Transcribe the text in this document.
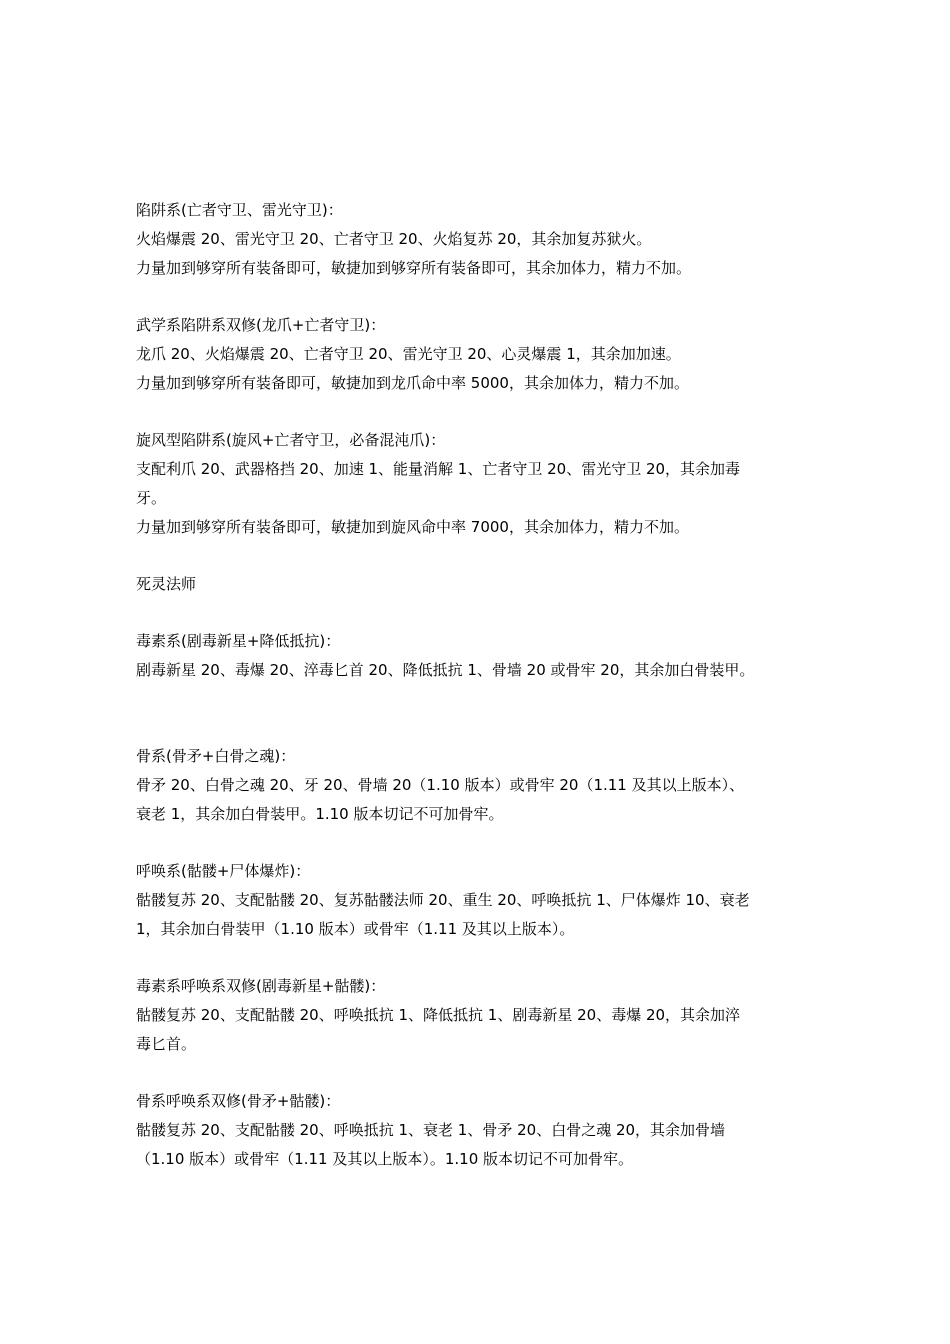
陷阱系(亡者守卫、雷光守卫)：
火焰爆震 20、雷光守卫 20、亡者守卫 20、火焰复苏 20，其余加复苏狱火。
力量加到够穿所有装备即可，敏捷加到够穿所有装备即可，其余加体力，精力不加。
武学系陷阱系双修(龙爪+亡者守卫)：
龙爪 20、火焰爆震 20、亡者守卫 20、雷光守卫 20、心灵爆震 1，其余加加速。
力量加到够穿所有装备即可，敏捷加到龙爪命中率 5000，其余加体力，精力不加。
旋风型陷阱系(旋风+亡者守卫，必备混沌爪)：
支配利爪 20、武器格挡 20、加速 1、能量消解 1、亡者守卫 20、雷光守卫 20，其余加毒
牙。
力量加到够穿所有装备即可，敏捷加到旋风命中率 7000，其余加体力，精力不加。
死灵法师
毒素系(剧毒新星+降低抵抗)：
剧毒新星 20、毒爆 20、淬毒匕首 20、降低抵抗 1、骨墙 20 或骨牢 20，其余加白骨装甲。
骨系(骨矛+白骨之魂)：
骨矛 20、白骨之魂 20、牙 20、骨墙 20（1.10 版本）或骨牢 20（1.11 及其以上版本）、
衰老 1，其余加白骨装甲。1.10 版本切记不可加骨牢。
呼唤系(骷髅+尸体爆炸)：
骷髅复苏 20、支配骷髅 20、复苏骷髅法师 20、重生 20、呼唤抵抗 1、尸体爆炸 10、衰老
1，其余加白骨装甲（1.10 版本）或骨牢（1.11 及其以上版本）。
毒素系呼唤系双修(剧毒新星+骷髅)：
骷髅复苏 20、支配骷髅 20、呼唤抵抗 1、降低抵抗 1、剧毒新星 20、毒爆 20，其余加淬
毒匕首。
骨系呼唤系双修(骨矛+骷髅)：
骷髅复苏 20、支配骷髅 20、呼唤抵抗 1、衰老 1、骨矛 20、白骨之魂 20，其余加骨墙
（1.10 版本）或骨牢（1.11 及其以上版本）。1.10 版本切记不可加骨牢。
